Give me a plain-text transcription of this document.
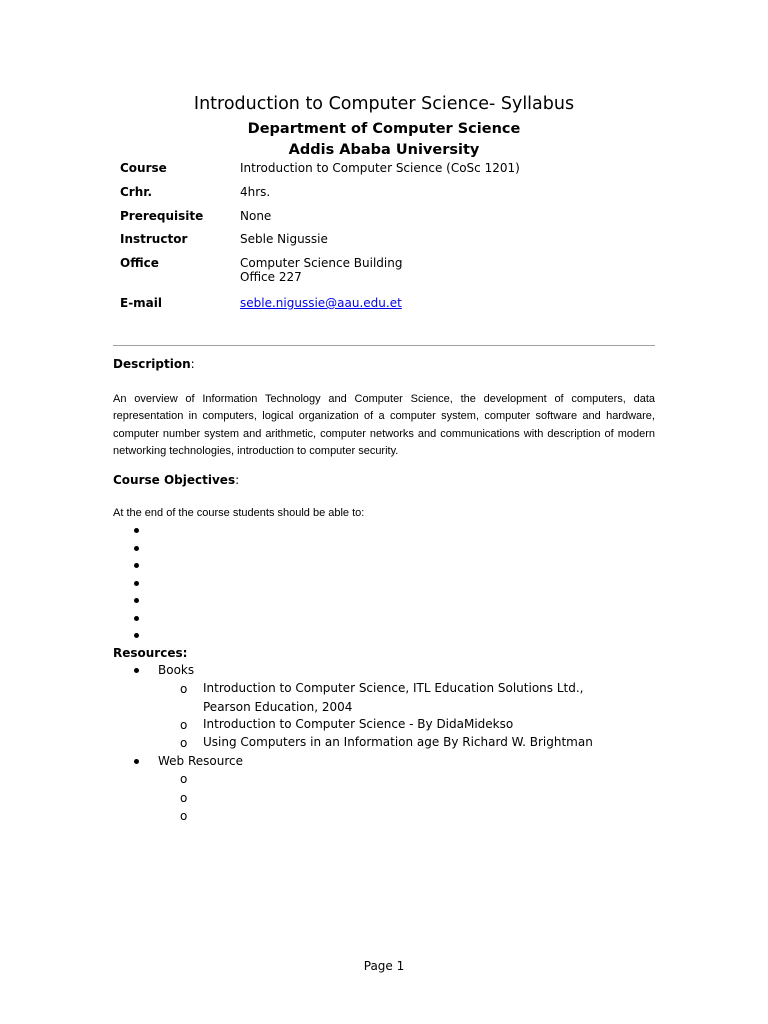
Introduction to Computer Science- Syllabus
Department of Computer Science
Addis Ababa University
Course	Introduction to Computer Science (CoSc 1201)
Crhr.	4hrs.
Prerequisite	None
Instructor	Seble Nigussie
Office	Computer Science Building
Office 227
E-mail	seble.nigussie@aau.edu.et
Description:

An overview of Information Technology and Computer Science, the development of computers, data representation in computers, logical organization of a computer system, computer software and hardware, computer number system and arithmetic, computer networks and communications with description of modern networking technologies, introduction to computer security.

Course Objectives:
At the end of the course students should be able to:
Resources:
Books
o Introduction to Computer Science, ITL Education Solutions Ltd., Pearson Education, 2004
o Introduction to Computer Science - By DidaMidekso
o Using Computers in an Information age By Richard W. Brightman
Web Resource
o
o
o
Page 1
